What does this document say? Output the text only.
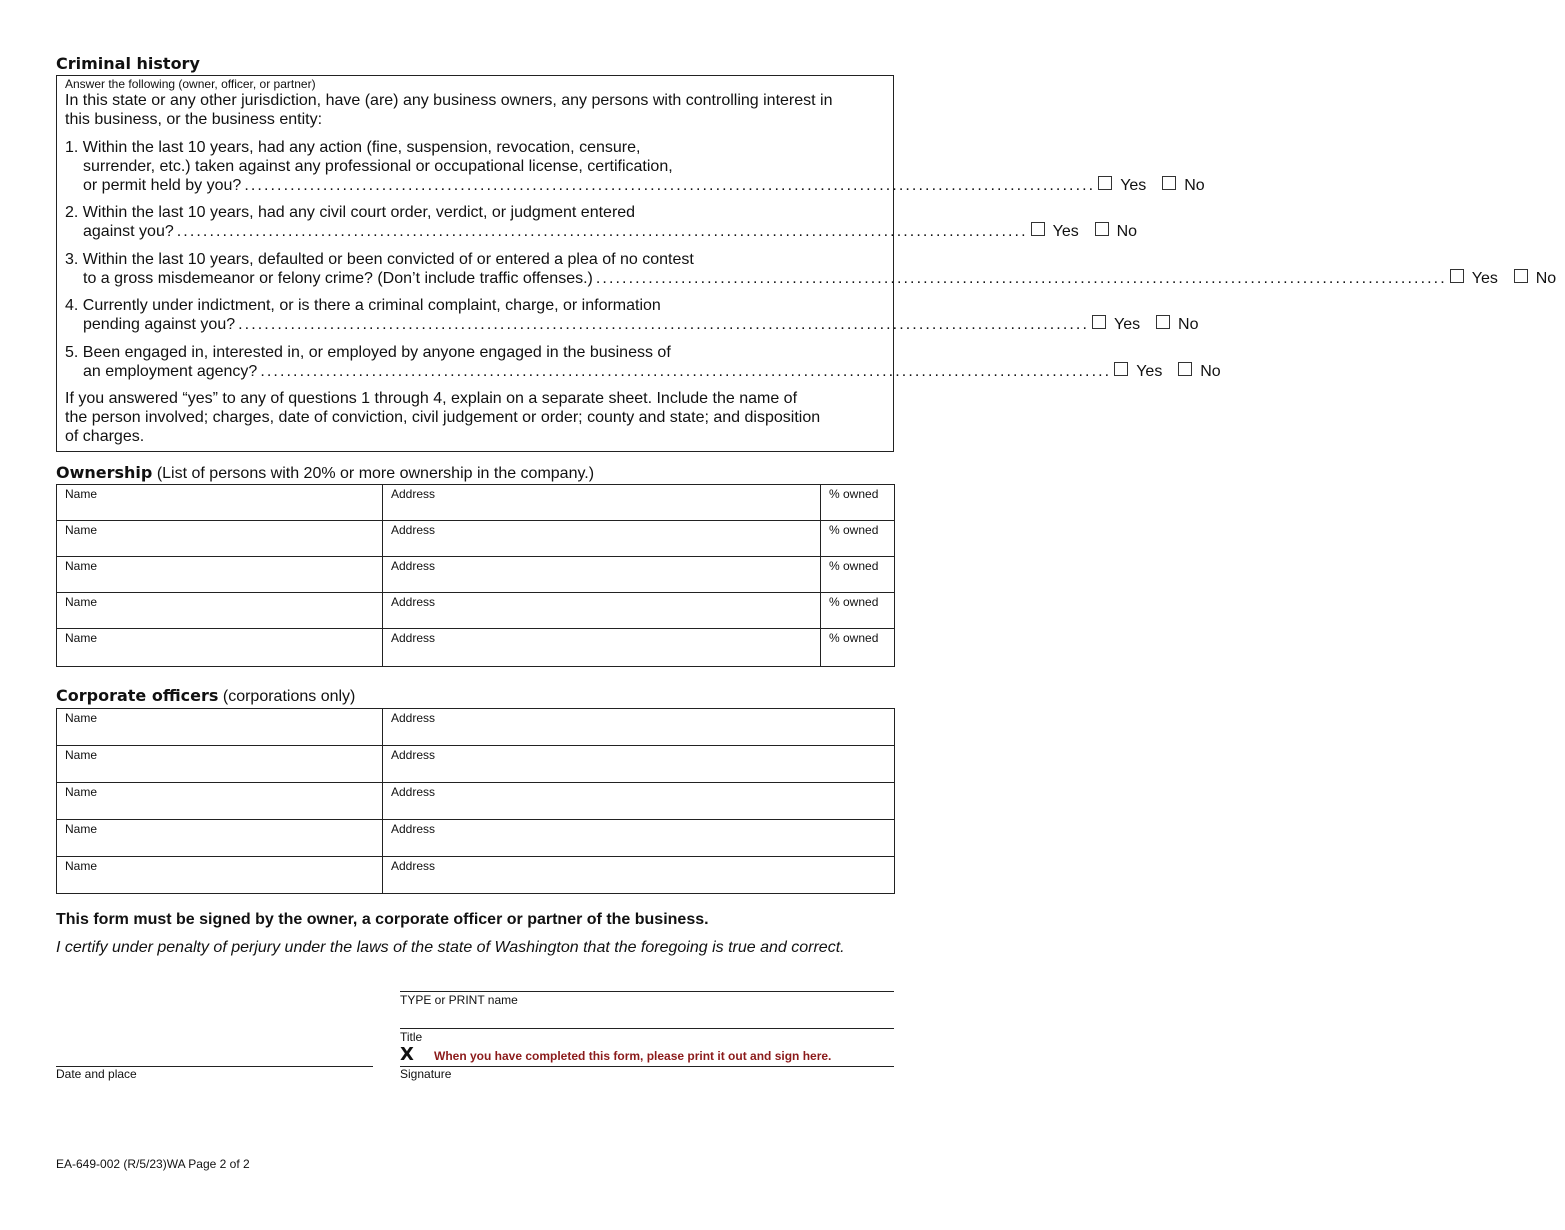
Criminal history
Answer the following (owner, officer, or partner)
In this state or any other jurisdiction, have (are) any business owners, any persons with controlling interest in
this business, or the business entity:
1. Within the last 10 years, had any action (fine, suspension, revocation, censure,
surrender, etc.) taken against any professional or occupational license, certification,
or permit held by you? .................................................................................................................................. Yes No
2. Within the last 10 years, had any civil court order, verdict, or judgment entered
against you? .................................................................................................................................. Yes No
3. Within the last 10 years, defaulted or been convicted of or entered a plea of no contest
to a gross misdemeanor or felony crime? (Don’t include traffic offenses.) .................................................................................................................................. Yes No
4. Currently under indictment, or is there a criminal complaint, charge, or information
pending against you? .................................................................................................................................. Yes No
5. Been engaged in, interested in, or employed by anyone engaged in the business of
an employment agency? .................................................................................................................................. Yes No
If you answered “yes” to any of questions 1 through 4, explain on a separate sheet. Include the name of
the person involved; charges, date of conviction, civil judgement or order; county and state; and disposition
of charges.
Ownership (List of persons with 20% or more ownership in the company.)
Name	Address	% owned
Name	Address	% owned
Name	Address	% owned
Name	Address	% owned
Name	Address	% owned
Corporate officers (corporations only)
Name	Address
Name	Address
Name	Address
Name	Address
Name	Address
This form must be signed by the owner, a corporate officer or partner of the business.
I certify under penalty of perjury under the laws of the state of Washington that the foregoing is true and correct.
TYPE or PRINT name
Title
X When you have completed this form, please print it out and sign here.
Date and place	Signature
EA-649-002 (R/5/23)WA Page 2 of 2
